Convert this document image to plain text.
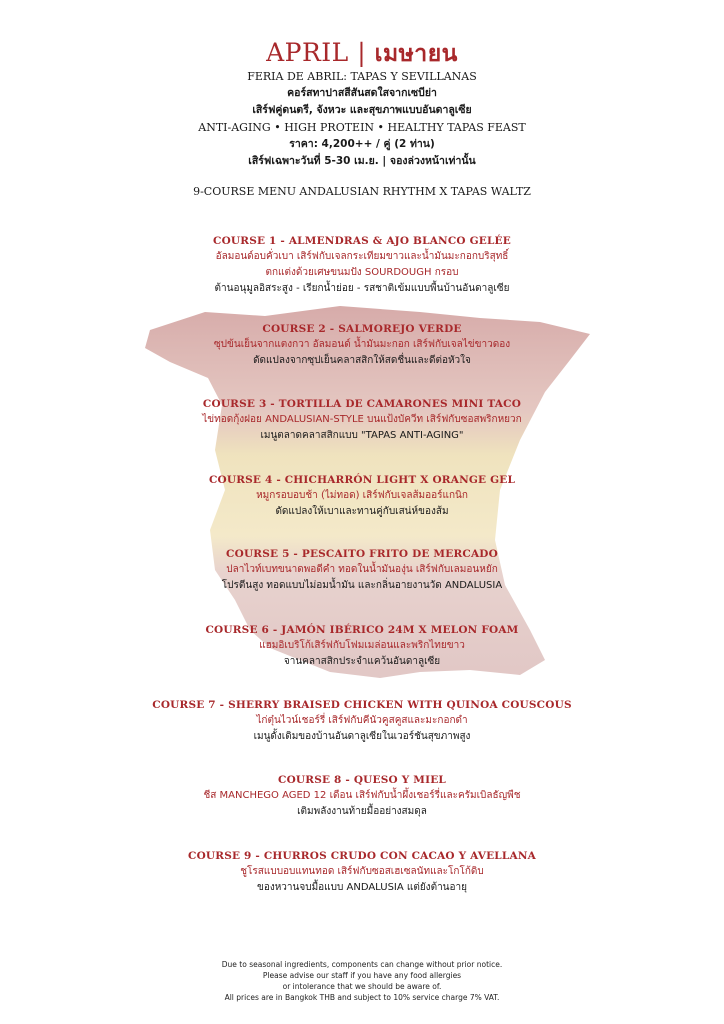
APRIL | เมษายน
FERIA DE ABRIL: TAPAS Y SEVILLANAS
คอร์สทาปาสสีสันสดใสจากเซบีย่า
เสิร์ฟคู่ดนตรี, จังหวะ และสุขภาพแบบอันดาลูเซีย
ANTI-AGING • HIGH PROTEIN • HEALTHY TAPAS FEAST
ราคา: 4,200++ / คู่ (2 ท่าน)
เสิร์ฟเฉพาะวันที่ 5-30 เม.ย. | จองล่วงหน้าเท่านั้น
9-COURSE MENU ANDALUSIAN RHYTHM X TAPAS WALTZ
COURSE 1 - ALMENDRAS & AJO BLANCO GELÉE
อัลมอนด์อบคั่วเบา เสิร์ฟกับเจลกระเทียมขาวและน้ำมันมะกอกบริสุทธิ์
ตกแต่งด้วยเศษขนมปัง SOURDOUGH กรอบ
ต้านอนุมูลอิสระสูง - เรียกน้ำย่อย - รสชาติเข้มแบบพื้นบ้านอันดาลูเซีย
COURSE 2 - SALMOREJO VERDE
ซุปข้นเย็นจากแตงกวา อัลมอนด์ น้ำมันมะกอก เสิร์ฟกับเจลไข่ขาวดอง
ดัดแปลงจากซุปเย็นคลาสสิกให้สดชื่นและดีต่อหัวใจ
COURSE 3 - TORTILLA DE CAMARONES MINI TACO
ไข่ทอดกุ้งฝอย ANDALUSIAN-STYLE บนแป้งบัควีท เสิร์ฟกับซอสพริกหยวก
เมนูตลาดคลาสสิกแบบ "TAPAS ANTI-AGING"
COURSE 4 - CHICHARRÓN LIGHT X ORANGE GEL
หมูกรอบอบช้า (ไม่ทอด) เสิร์ฟกับเจลส้มออร์แกนิก
ดัดแปลงให้เบาและทานคู่กับเสน่ห์ของส้ม
COURSE 5 - PESCAITO FRITO DE MERCADO
ปลาไวท์เบทขนาดพอดีคำ ทอดในน้ำมันองุ่น เสิร์ฟกับเลมอนหยัก
โปรตีนสูง ทอดแบบไม่อมน้ำมัน และกลิ่นอายงานวัด ANDALUSIA
COURSE 6 - JAMÓN IBÉRICO 24M X MELON FOAM
แฮมอิเบริโก้เสิร์ฟกับโฟมเมล่อนและพริกไทยขาว
จานคลาสสิกประจำแคว้นอันดาลูเซีย
COURSE 7 - SHERRY BRAISED CHICKEN WITH QUINOA COUSCOUS
ไก่ตุ๋นไวน์เชอร์รี่ เสิร์ฟกับคีนัวคูสคูสและมะกอกดำ
เมนูดั้งเดิมของบ้านอันดาลูเซียในเวอร์ชันสุขภาพสูง
COURSE 8 - QUESO Y MIEL
ชีส MANCHEGO AGED 12 เดือน เสิร์ฟกับน้ำผึ้งเชอร์รี่และครัมเบิลธัญพืช
เติมพลังงานท้ายมื้ออย่างสมดุล
COURSE 9 - CHURROS CRUDO CON CACAO Y AVELLANA
ชูโรสแบบอบแทนทอด เสิร์ฟกับซอสเฮเซลนัทและโกโก้ดิบ
ของหวานจบมื้อแบบ ANDALUSIA แต่ยังต้านอายุ
Due to seasonal ingredients, components can change without prior notice.
Please advise our staff if you have any food allergies
or intolerance that we should be aware of.
All prices are in Bangkok THB and subject to 10% service charge 7% VAT.
